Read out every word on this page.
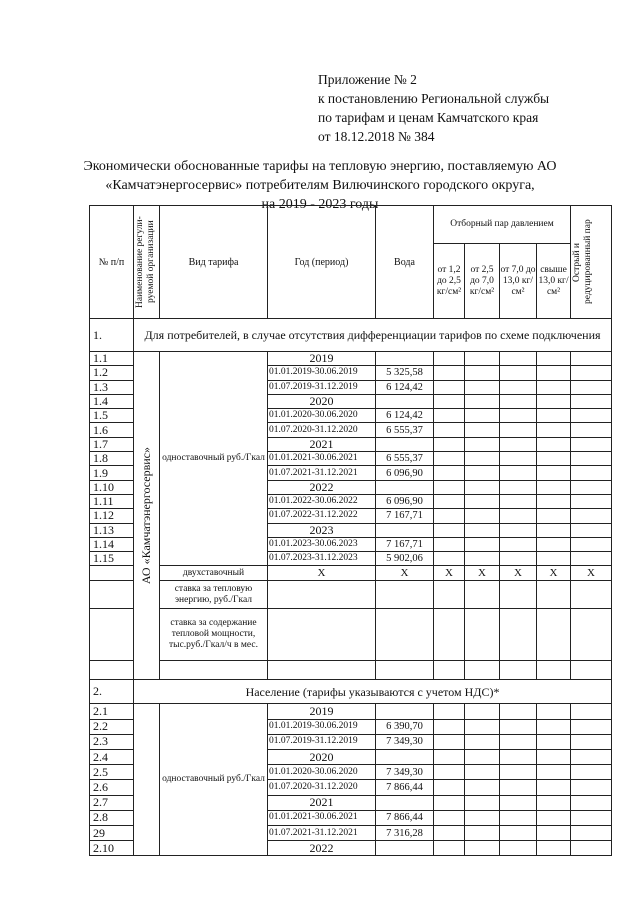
Приложение № 2
к постановлению Региональной службы
по тарифам и ценам Камчатского края
от 18.12.2018 № 384
Экономически обоснованные тарифы на тепловую энергию, поставляемую АО
«Камчатэнергосервис» потребителям Вилючинского городского округа,
на 2019 - 2023 годы
№ п/п	Наименование регули-руемой организации	Вид тарифа	Год (период)	Вода	Отборный пар давлением				Острый и редуцированный пар

					от 1,2 до 2,5 кг/см²	от 2,5 до 7,0 кг/см²	от 7,0 до 13,0 кг/см²	свыше 13,0 кг/см²	
1.	Для потребителей, в случае отсутствия дифференциации тарифов по схеме подключения								
1.1	АО «Камчатэнергосервис»	одноставочный руб./Гкал	2019						
1.2			01.01.2019-30.06.2019	5 325,58					
1.3			01.07.2019-31.12.2019	6 124,42					
1.4			2020						
1.5			01.01.2020-30.06.2020	6 124,42					
1.6			01.07.2020-31.12.2020	6 555,37					
1.7			2021						
1.8			01.01.2021-30.06.2021	6 555,37					
1.9			01.07.2021-31.12.2021	6 096,90					
1.10			2022						
1.11			01.01.2022-30.06.2022	6 096,90					
1.12			01.07.2022-31.12.2022	7 167,71					
1.13			2023						
1.14			01.01.2023-30.06.2023	7 167,71					
1.15			01.07.2023-31.12.2023	5 902,06					
		двухставочный	X	X	X	X	X	X	X
		ставка за тепловую энергию, руб./Гкал							
		ставка за содержание тепловой мощности, тыс.руб./Гкал/ч в мес.							

2.	Население (тарифы указываются с учетом НДС)*								
2.1		одноставочный руб./Гкал	2019						
2.2			01.01.2019-30.06.2019	6 390,70					
2.3			01.07.2019-31.12.2019	7 349,30					
2.4			2020						
2.5			01.01.2020-30.06.2020	7 349,30					
2.6			01.07.2020-31.12.2020	7 866,44					
2.7			2021						
2.8			01.01.2021-30.06.2021	7 866,44					
29			01.07.2021-31.12.2021	7 316,28					
2.10			2022						
